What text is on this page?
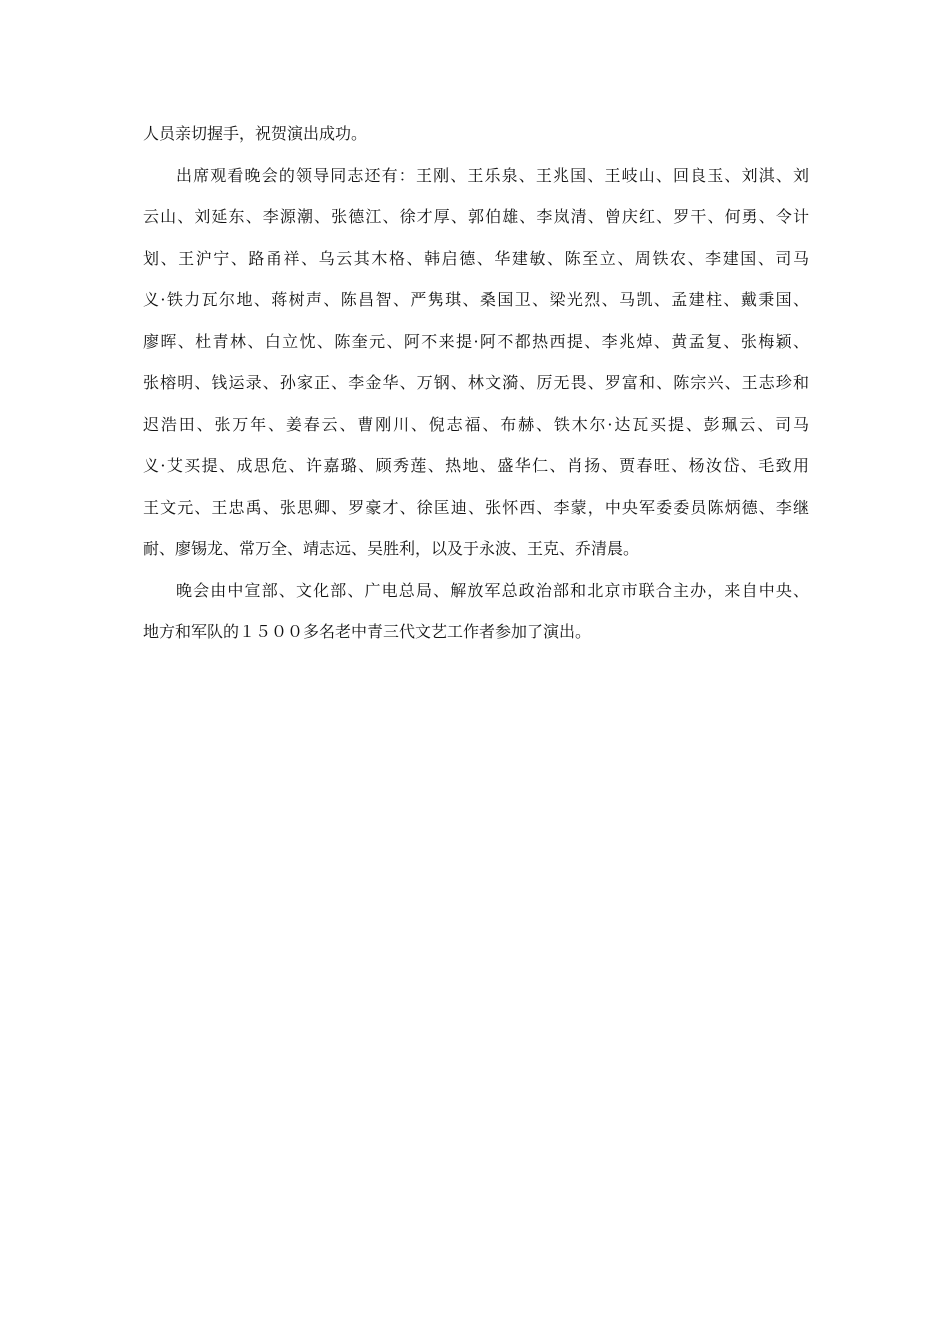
人员亲切握手，祝贺演出成功。
出席观看晚会的领导同志还有：王刚、王乐泉、王兆国、王岐山、回良玉、刘淇、刘
云山、刘延东、李源潮、张德江、徐才厚、郭伯雄、李岚清、曾庆红、罗干、何勇、令计
划、王沪宁、路甬祥、乌云其木格、韩启德、华建敏、陈至立、周铁农、李建国、司马
义·铁力瓦尔地、蒋树声、陈昌智、严隽琪、桑国卫、梁光烈、马凯、孟建柱、戴秉国、
廖晖、杜青林、白立忱、陈奎元、阿不来提·阿不都热西提、李兆焯、黄孟复、张梅颖、
张榕明、钱运录、孙家正、李金华、万钢、林文漪、厉无畏、罗富和、陈宗兴、王志珍和
迟浩田、张万年、姜春云、曹刚川、倪志福、布赫、铁木尔·达瓦买提、彭珮云、司马
义·艾买提、成思危、许嘉璐、顾秀莲、热地、盛华仁、肖扬、贾春旺、杨汝岱、毛致用
王文元、王忠禹、张思卿、罗豪才、徐匡迪、张怀西、李蒙，中央军委委员陈炳德、李继
耐、廖锡龙、常万全、靖志远、吴胜利，以及于永波、王克、乔清晨。
晚会由中宣部、文化部、广电总局、解放军总政治部和北京市联合主办，来自中央、
地方和军队的１５００多名老中青三代文艺工作者参加了演出。
